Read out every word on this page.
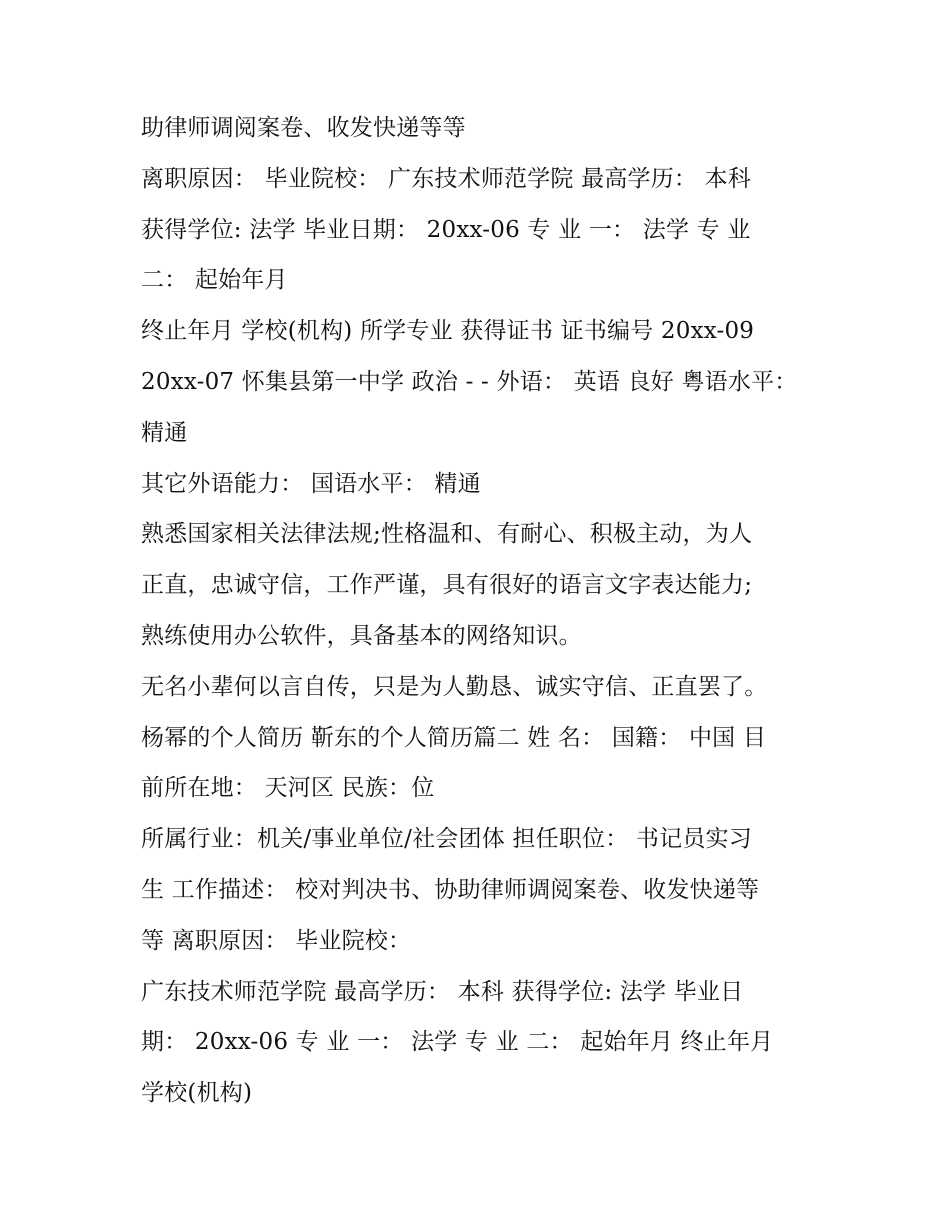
助律师调阅案卷、收发快递等等
离职原因： 毕业院校： 广东技术师范学院 最高学历： 本科
获得学位: 法学 毕业日期： 20xx-06 专 业 一： 法学 专 业
二： 起始年月
终止年月 学校(机构) 所学专业 获得证书 证书编号 20xx-09
20xx-07 怀集县第一中学 政治 - - 外语： 英语 良好 粤语水平：
精通
其它外语能力： 国语水平： 精通
熟悉国家相关法律法规;性格温和、有耐心、积极主动，为人
正直，忠诚守信，工作严谨，具有很好的语言文字表达能力;
熟练使用办公软件，具备基本的网络知识。
无名小辈何以言自传，只是为人勤恳、诚实守信、正直罢了。
杨幂的个人简历 靳东的个人简历篇二 姓 名： 国籍： 中国 目
前所在地： 天河区 民族：位
所属行业：机关/事业单位/社会团体 担任职位： 书记员实习
生 工作描述： 校对判决书、协助律师调阅案卷、收发快递等
等 离职原因： 毕业院校：
广东技术师范学院 最高学历： 本科 获得学位: 法学 毕业日
期： 20xx-06 专 业 一： 法学 专 业 二： 起始年月 终止年月
学校(机构)
